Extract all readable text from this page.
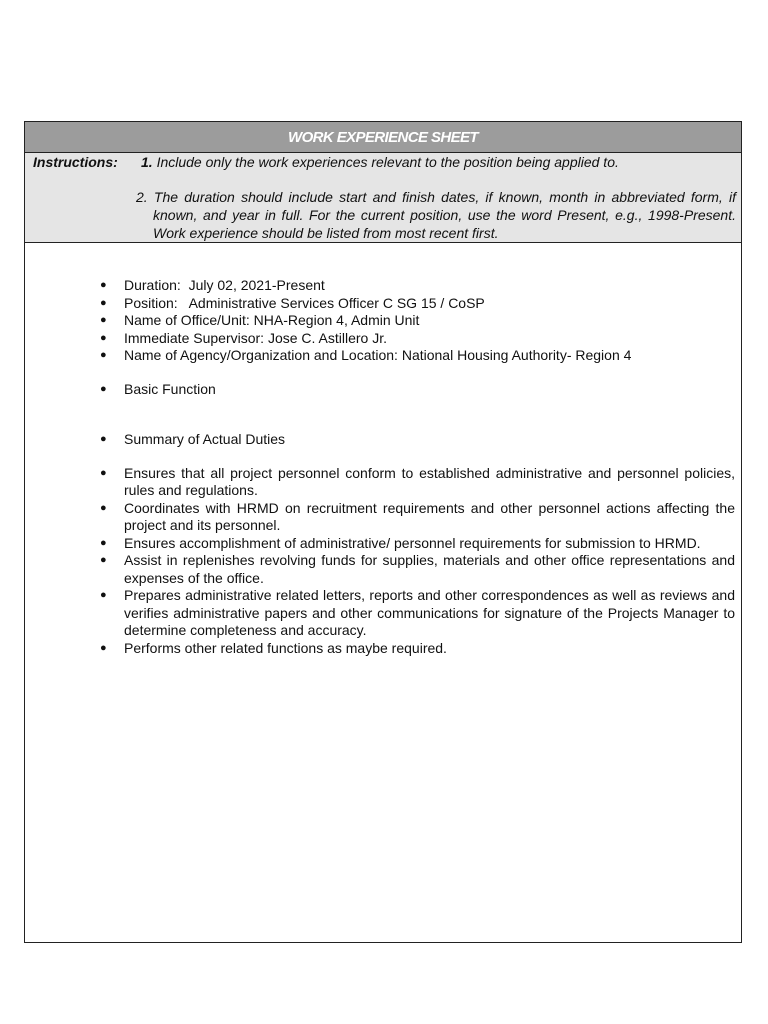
WORK EXPERIENCE SHEET
Instructions: 1. Include only the work experiences relevant to the position being applied to.
2. The duration should include start and finish dates, if known, month in abbreviated form, if known, and year in full. For the current position, use the word Present, e.g., 1998-Present. Work experience should be listed from most recent first.
● Duration:  July 02, 2021-Present
● Position:   Administrative Services Officer C SG 15 / CoSP
● Name of Office/Unit: NHA-Region 4, Admin Unit
● Immediate Supervisor: Jose C. Astillero Jr.
● Name of Agency/Organization and Location: National Housing Authority- Region 4
● Basic Function
● Summary of Actual Duties
● Ensures that all project personnel conform to established administrative and personnel policies, rules and regulations.
● Coordinates with HRMD on recruitment requirements and other personnel actions affecting the project and its personnel.
● Ensures accomplishment of administrative/ personnel requirements for submission to HRMD.
● Assist in replenishes revolving funds for supplies, materials and other office representations and expenses of the office.
● Prepares administrative related letters, reports and other correspondences as well as reviews and verifies administrative papers and other communications for signature of the Projects Manager to determine completeness and accuracy.
● Performs other related functions as maybe required.
